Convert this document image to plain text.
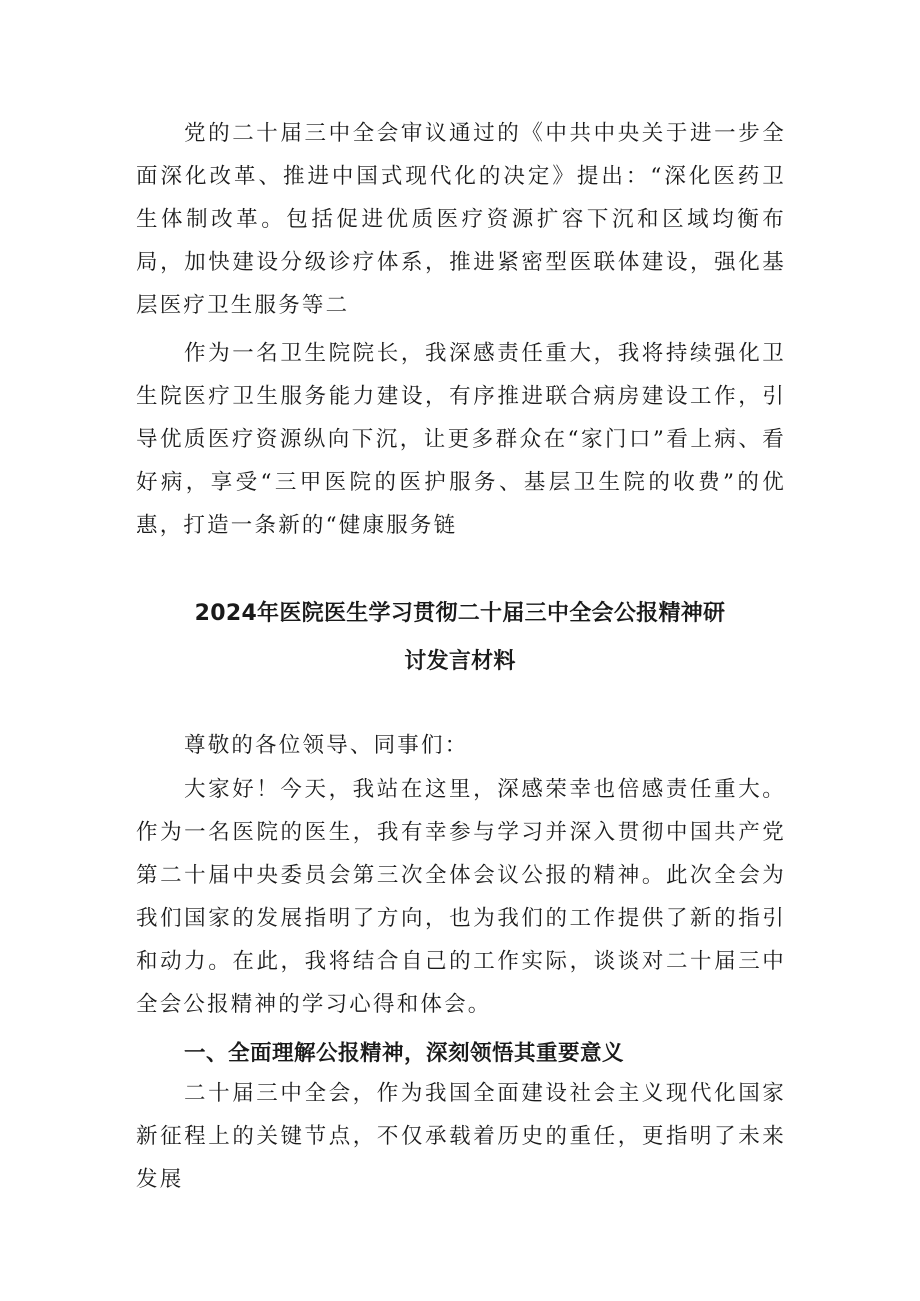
党的二十届三中全会审议通过的《中共中央关于进一步全面深化改革、推进中国式现代化的决定》提出：“深化医药卫生体制改革。包括促进优质医疗资源扩容下沉和区域均衡布局，加快建设分级诊疗体系，推进紧密型医联体建设，强化基层医疗卫生服务等二

作为一名卫生院院长，我深感责任重大，我将持续强化卫生院医疗卫生服务能力建设，有序推进联合病房建设工作，引导优质医疗资源纵向下沉，让更多群众在“家门口”看上病、看好病，享受“三甲医院的医护服务、基层卫生院的收费”的优惠，打造一条新的“健康服务链

2024年医院医生学习贯彻二十届三中全会公报精神研
讨发言材料

尊敬的各位领导、同事们：

大家好！今天，我站在这里，深感荣幸也倍感责任重大。作为一名医院的医生，我有幸参与学习并深入贯彻中国共产党第二十届中央委员会第三次全体会议公报的精神。此次全会为我们国家的发展指明了方向，也为我们的工作提供了新的指引和动力。在此，我将结合自己的工作实际，谈谈对二十届三中全会公报精神的学习心得和体会。

一、全面理解公报精神，深刻领悟其重要意义

二十届三中全会，作为我国全面建设社会主义现代化国家新征程上的关键节点，不仅承载着历史的重任，更指明了未来发展
